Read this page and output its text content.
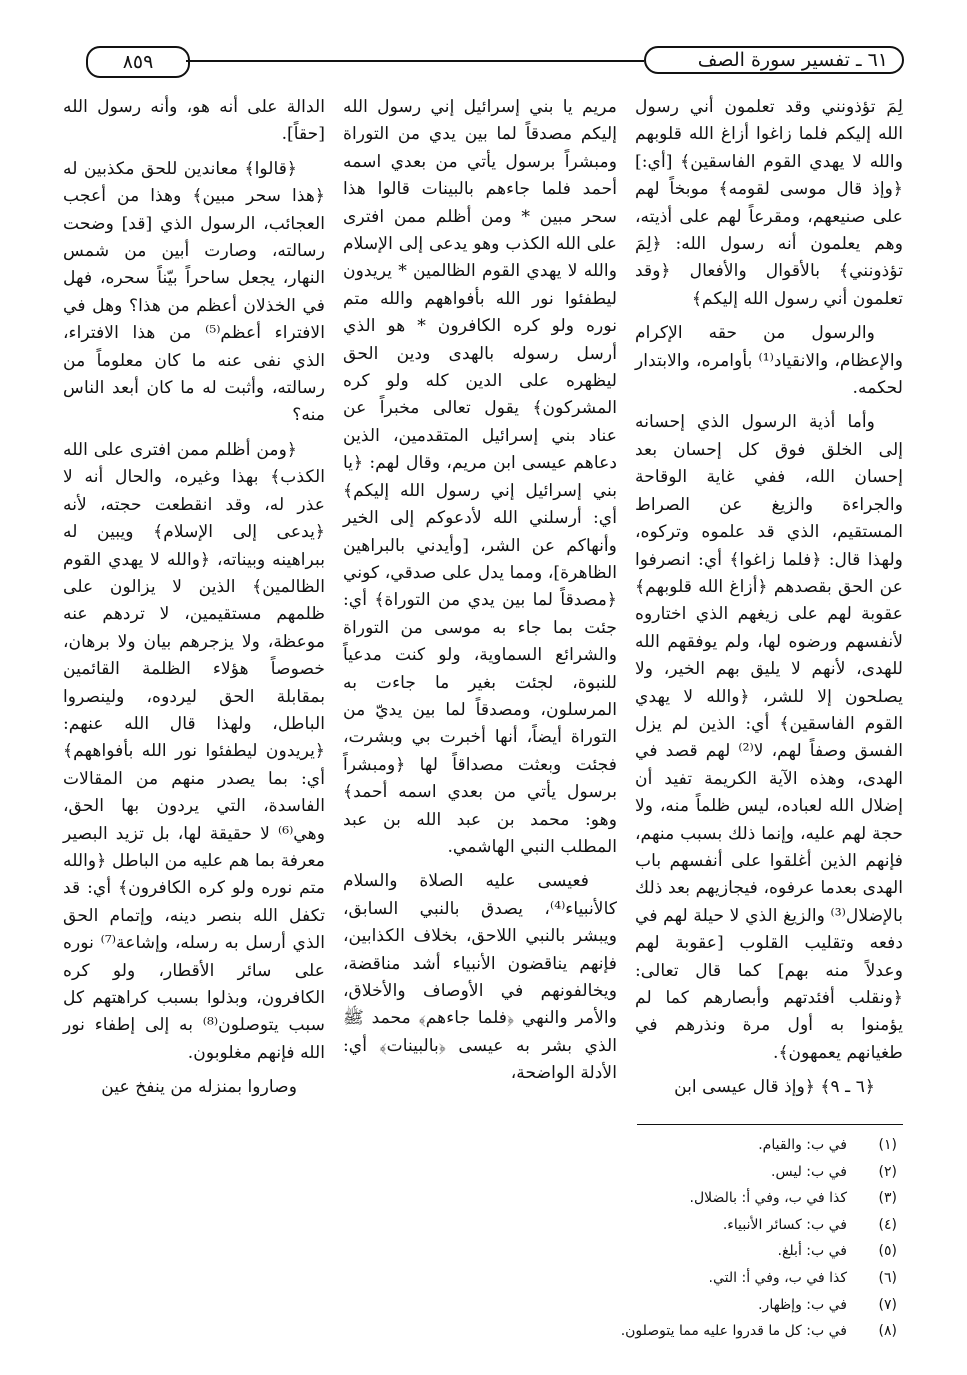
٦١ ـ تفسير سورة الصف
٨٥٩

لِمَ تؤذونني وقد تعلمون أني رسول الله إليكم فلما زاغوا أزاغ الله قلوبهم والله لا يهدي القوم الفاسقين﴾ [أي:] ﴿وإذ قال موسى لقومه﴾ موبخاً لهم على صنيعهم، ومقرعاً لهم على أذيته، وهم يعلمون أنه رسول الله: ﴿لِمَ تؤذونني﴾ بالأقوال والأفعال ﴿وقد تعلمون أني رسول الله إليكم﴾

والرسول من حقه الإكرام والإعظام، والانقياد⁽¹⁾ بأوامره، والابتدار لحكمه.

وأما أذية الرسول الذي إحسانه إلى الخلق فوق كل إحسان بعد إحسان الله، ففي غاية الوقاحة والجراءة والزيغ عن الصراط المستقيم، الذي قد علموه وتركوه، ولهذا قال: ﴿فلما زاغوا﴾ أي: انصرفوا عن الحق بقصدهم ﴿أزاغ الله قلوبهم﴾ عقوبة لهم على زيغهم الذي اختاروه لأنفسهم ورضوه لها، ولم يوفقهم الله للهدى، لأنهم لا يليق بهم الخير، ولا يصلحون إلا للشر، ﴿والله لا يهدي القوم الفاسقين﴾ أي: الذين لم يزل الفسق وصفاً لهم، لا⁽²⁾ لهم قصد في الهدى، وهذه الآية الكريمة تفيد أن إضلال الله لعباده، ليس ظلماً منه، ولا حجة لهم عليه، وإنما ذلك بسبب منهم، فإنهم الذين أغلقوا على أنفسهم باب الهدى بعدما عرفوه، فيجازيهم بعد ذلك بالإضلال⁽³⁾ والزيغ الذي لا حيلة لهم في دفعه وتقليب القلوب [عقوبة لهم وعدلاً منه بهم] كما قال تعالى: ﴿ونقلب أفئدتهم وأبصارهم كما لم يؤمنوا به أول مرة ونذرهم في طغيانهم يعمهون﴾.

﴿٦ ـ ٩﴾ ﴿وإذ قال عيسى ابن

مريم يا بني إسرائيل إني رسول الله إليكم مصدقاً لما بين يدي من التوراة ومبشراً برسول يأتي من بعدي اسمه أحمد فلما جاءهم بالبينات قالوا هذا سحر مبين * ومن أظلم ممن افترى على الله الكذب وهو يدعى إلى الإسلام والله لا يهدي القوم الظالمين * يريدون ليطفئوا نور الله بأفواههم والله متم نوره ولو كره الكافرون * هو الذي أرسل رسوله بالهدى ودين الحق ليظهره على الدين كله ولو كره المشركون﴾ يقول تعالى مخبراً عن عناد بني إسرائيل المتقدمين، الذين دعاهم عيسى ابن مريم، وقال لهم: ﴿يا بني إسرائيل إني رسول الله إليكم﴾ أي: أرسلني الله لأدعوكم إلى الخير وأنهاكم عن الشر، [وأيدني بالبراهين الظاهرة]، ومما يدل على صدقي، كوني ﴿مصدقاً لما بين يدي من التوراة﴾ أي: جئت بما جاء به موسى من التوراة والشرائع السماوية، ولو كنت مدعياً للنبوة، لجئت بغير ما جاءت به المرسلون، ومصدقاً لما بين يديّ من التوراة أيضاً، أنها أخبرت بي وبشرت، فجئت وبعثت مصداقاً لها ﴿ومبشراً برسول يأتي من بعدي اسمه أحمد﴾ وهو: محمد بن عبد الله بن عبد المطلب النبي الهاشمي.

فعيسى عليه الصلاة والسلام كالأنبياء⁽⁴⁾، يصدق بالنبي السابق، ويبشر بالنبي اللاحق، بخلاف الكذابين، فإنهم يناقضون الأنبياء أشد مناقضة، ويخالفونهم في الأوصاف والأخلاق، والأمر والنهي ﴿فلما جاءهم﴾ محمد ﷺ الذي بشر به عيسى ﴿بالبينات﴾ أي: الأدلة الواضحة،

الدالة على أنه هو، وأنه رسول الله [حقاً].

﴿قالوا﴾ معاندين للحق مكذبين له ﴿هذا سحر مبين﴾ وهذا من أعجب العجائب، الرسول الذي [قد] وضحت رسالته، وصارت أبين من شمس النهار، يجعل ساحراً بيّناً سحره، فهل في الخذلان أعظم من هذا؟ وهل في الافتراء أعظم⁽⁵⁾ من هذا الافتراء، الذي نفى عنه ما كان معلوماً من رسالته، وأثبت له ما كان أبعد الناس منه؟

﴿ومن أظلم ممن افترى على الله الكذب﴾ بهذا وغيره، والحال أنه لا عذر له، وقد انقطعت حجته، لأنه ﴿يدعى إلى الإسلام﴾ ويبين له ببراهينه وبيناته، ﴿والله لا يهدي القوم الظالمين﴾ الذين لا يزالون على ظلمهم مستقيمين، لا تردهم عنه موعظة، ولا يزجرهم بيان ولا برهان، خصوصاً هؤلاء الظلمة القائمين بمقابلة الحق ليردوه، ولينصروا الباطل، ولهذا قال الله عنهم: ﴿يريدون ليطفئوا نور الله بأفواههم﴾ أي: بما يصدر منهم من المقالات الفاسدة، التي يردون بها الحق، وهي⁽⁶⁾ لا حقيقة لها، بل تزيد البصير معرفة بما هم عليه من الباطل ﴿والله متم نوره ولو كره الكافرون﴾ أي: قد تكفل الله بنصر دينه، وإتمام الحق الذي أرسل به رسله، وإشاعة⁽⁷⁾ نوره على سائر الأقطار، ولو كره الكافرون، وبذلوا بسبب كراهتهم كل سبب يتوصلون⁽⁸⁾ به إلى إطفاء نور الله فإنهم مغلوبون.

وصاروا بمنزله من ينفخ عين

(١)
في ب: والقيام.
(٢)
في ب: ليس.
(٣)
كذا في ب، وفي أ: بالضلال.
(٤)
في ب: كسائر الأنبياء.
(٥)
في ب: أبلغ.
(٦)
كذا في ب، وفي أ: التي.
(٧)
في ب: وإظهار.
(٨)
في ب: كل ما قدروا عليه مما يتوصلون.
